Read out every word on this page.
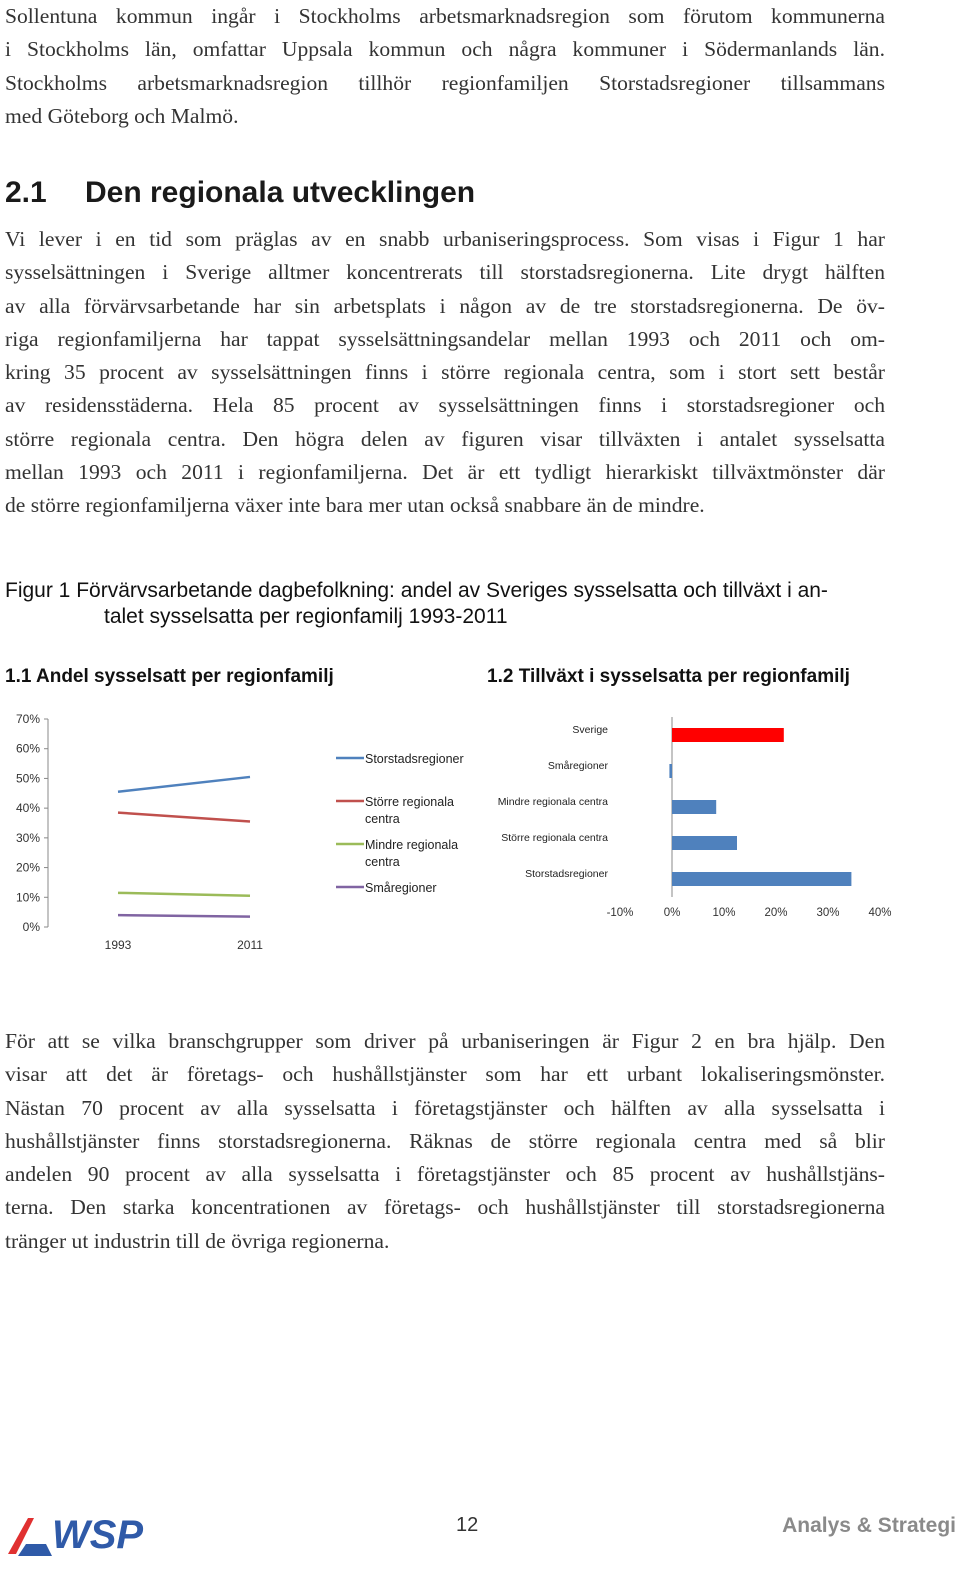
Sollentuna kommun ingår i Stockholms arbetsmarknadsregion som förutom kommunerna
i Stockholms län, omfattar Uppsala kommun och några kommuner i Södermanlands län.
Stockholms arbetsmarknadsregion tillhör regionfamiljen Storstadsregioner tillsammans
med Göteborg och Malmö.
2.1 Den regionala utvecklingen
Vi lever i en tid som präglas av en snabb urbaniseringsprocess. Som visas i Figur 1 har
sysselsättningen i Sverige alltmer koncentrerats till storstadsregionerna. Lite drygt hälften
av alla förvärvsarbetande har sin arbetsplats i någon av de tre storstadsregionerna. De öv-
riga regionfamiljerna har tappat sysselsättningsandelar mellan 1993 och 2011 och om-
kring 35 procent av sysselsättningen finns i större regionala centra, som i stort sett består
av residensstäderna. Hela 85 procent av sysselsättningen finns i storstadsregioner och
större regionala centra. Den högra delen av figuren visar tillväxten i antalet sysselsatta
mellan 1993 och 2011 i regionfamiljerna. Det är ett tydligt hierarkiskt tillväxtmönster där
de större regionfamiljerna växer inte bara mer utan också snabbare än de mindre.
Figur 1 Förvärvsarbetande dagbefolkning: andel av Sveriges sysselsatta och tillväxt i an-
talet sysselsatta per regionfamilj 1993-2011
1.1 Andel sysselsatt per regionfamilj	1.2 Tillväxt i sysselsatta per regionfamilj
0%
10%
20%
30%
40%
50%
60%
70%
1993	2011
Storstadsregioner
Större regionala
centra
Mindre regionala
centra
Småregioner
Sverige
Småregioner
Mindre regionala centra
Större regionala centra
Storstadsregioner
-10%	0%	10%	20%	30%	40%
För att se vilka branschgrupper som driver på urbaniseringen är Figur 2 en bra hjälp. Den
visar att det är företags- och hushållstjänster som har ett urbant lokaliseringsmönster.
Nästan 70 procent av alla sysselsatta i företagstjänster och hälften av alla sysselsatta i
hushållstjänster finns storstadsregionerna. Räknas de större regionala centra med så blir
andelen 90 procent av alla sysselsatta i företagstjänster och 85 procent av hushållstjäns-
terna. Den starka koncentrationen av företags- och hushållstjänster till storstadsregionerna
tränger ut industrin till de övriga regionerna.
WSP	12	Analys & Strategi
